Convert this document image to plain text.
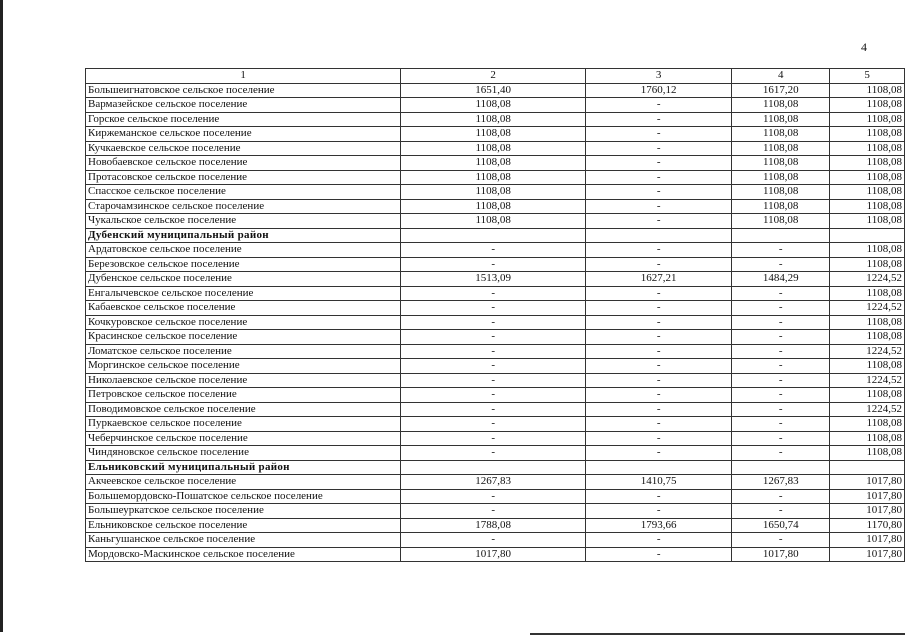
4
1	2	3	4	5
Большеигнатовское сельское поселение	1651,40	1760,12	1617,20	1108,08
Вармазейское сельское поселение	1108,08	-	1108,08	1108,08
Горское сельское поселение	1108,08	-	1108,08	1108,08
Киржеманское сельское поселение	1108,08	-	1108,08	1108,08
Кучкаевское сельское поселение	1108,08	-	1108,08	1108,08
Новобаевское сельское поселение	1108,08	-	1108,08	1108,08
Протасовское сельское поселение	1108,08	-	1108,08	1108,08
Спасское сельское поселение	1108,08	-	1108,08	1108,08
Старочамзинское сельское поселение	1108,08	-	1108,08	1108,08
Чукальское сельское поселение	1108,08	-	1108,08	1108,08
Дубенский муниципальный район				
Ардатовское сельское поселение	-	-	-	1108,08
Березовское сельское поселение	-	-	-	1108,08
Дубенское сельское поселение	1513,09	1627,21	1484,29	1224,52
Енгалычевское сельское поселение	-	-	-	1108,08
Кабаевское сельское поселение	-	-	-	1224,52
Кочкуровское сельское поселение	-	-	-	1108,08
Красинское сельское поселение	-	-	-	1108,08
Ломатское сельское поселение	-	-	-	1224,52
Моргинское сельское поселение	-	-	-	1108,08
Николаевское сельское поселение	-	-	-	1224,52
Петровское сельское поселение	-	-	-	1108,08
Поводимовское сельское поселение	-	-	-	1224,52
Пуркаевское сельское поселение	-	-	-	1108,08
Чеберчинское сельское поселение	-	-	-	1108,08
Чиндяновское сельское поселение	-	-	-	1108,08
Ельниковский муниципальный район				
Акчеевское сельское поселение	1267,83	1410,75	1267,83	1017,80
Большемордовско-Пошатское сельское поселение	-	-	-	1017,80
Большеуркатское сельское поселение	-	-	-	1017,80
Ельниковское сельское поселение	1788,08	1793,66	1650,74	1170,80
Каньгушанское сельское поселение	-	-	-	1017,80
Мордовско-Маскинское сельское поселение	1017,80	-	1017,80	1017,80
